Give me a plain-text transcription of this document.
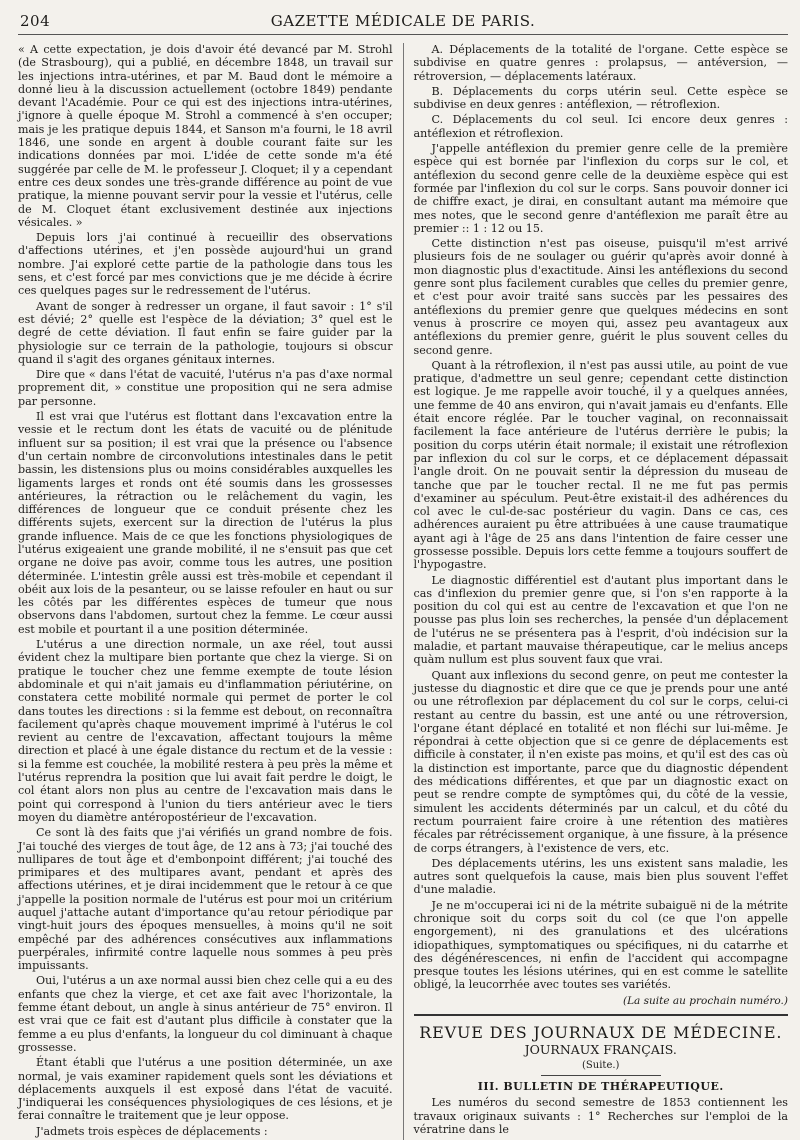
204	GAZETTE MÉDICALE DE PARIS.

« A cette expectation, je dois d'avoir été devancé par M. Strohl (de Strasbourg), qui a publié, en décembre 1848, un travail sur les injections intra-utérines, et par M. Baud dont le mémoire a donné lieu à la discussion actuellement (octobre 1849) pendante devant l'Académie. Pour ce qui est des injections intra-utérines, j'ignore à quelle époque M. Strohl a commencé à s'en occuper; mais je les pratique depuis 1844, et Sanson m'a fourni, le 18 avril 1846, une sonde en argent à double courant faite sur les indications données par moi. L'idée de cette sonde m'a été suggérée par celle de M. le professeur J. Cloquet; il y a cependant entre ces deux sondes une très-grande différence au point de vue pratique, la mienne pouvant servir pour la vessie et l'utérus, celle de M. Cloquet étant exclusivement destinée aux injections vésicales. »

Depuis lors j'ai continué à recueillir des observations d'affections utérines, et j'en possède aujourd'hui un grand nombre. J'ai exploré cette partie de la pathologie dans tous les sens, et c'est forcé par mes convictions que je me décide à écrire ces quelques pages sur le redressement de l'utérus.

Avant de songer à redresser un organe, il faut savoir : 1° s'il est dévié; 2° quelle est l'espèce de la déviation; 3° quel est le degré de cette déviation. Il faut enfin se faire guider par la physiologie sur ce terrain de la pathologie, toujours si obscur quand il s'agit des organes génitaux internes.

Dire que « dans l'état de vacuité, l'utérus n'a pas d'axe normal proprement dit, » constitue une proposition qui ne sera admise par personne.

Il est vrai que l'utérus est flottant dans l'excavation entre la vessie et le rectum dont les états de vacuité ou de plénitude influent sur sa position; il est vrai que la présence ou l'absence d'un certain nombre de circonvolutions intestinales dans le petit bassin, les distensions plus ou moins considérables auxquelles les ligaments larges et ronds ont été soumis dans les grossesses antérieures, la rétraction ou le relâchement du vagin, les différences de longueur que ce conduit présente chez les différents sujets, exercent sur la direction de l'utérus la plus grande influence. Mais de ce que les fonctions physiologiques de l'utérus exigeaient une grande mobilité, il ne s'ensuit pas que cet organe ne doive pas avoir, comme tous les autres, une position déterminée. L'intestin grêle aussi est très-mobile et cependant il obéit aux lois de la pesanteur, ou se laisse refouler en haut ou sur les côtés par les différentes espèces de tumeur que nous observons dans l'abdomen, surtout chez la femme. Le cœur aussi est mobile et pourtant il a une position déterminée.

L'utérus a une direction normale, un axe réel, tout aussi évident chez la multipare bien portante que chez la vierge. Si on pratique le toucher chez une femme exempte de toute lésion abdominale et qui n'ait jamais eu d'inflammation périutérine, on constatera cette mobilité normale qui permet de porter le col dans toutes les directions : si la femme est debout, on reconnaîtra facilement qu'après chaque mouvement imprimé à l'utérus le col revient au centre de l'excavation, affectant toujours la même direction et placé à une égale distance du rectum et de la vessie : si la femme est couchée, la mobilité restera à peu près la même et l'utérus reprendra la position que lui avait fait perdre le doigt, le col étant alors non plus au centre de l'excavation mais dans le point qui correspond à l'union du tiers antérieur avec le tiers moyen du diamètre antéropostérieur de l'excavation.

Ce sont là des faits que j'ai vérifiés un grand nombre de fois. J'ai touché des vierges de tout âge, de 12 ans à 73; j'ai touché des nullipares de tout âge et d'embonpoint différent; j'ai touché des primipares et des multipares avant, pendant et après des affections utérines, et je dirai incidemment que le retour à ce que j'appelle la position normale de l'utérus est pour moi un critérium auquel j'attache autant d'importance qu'au retour périodique par vingt-huit jours des époques mensuelles, à moins qu'il ne soit empêché par des adhérences consécutives aux inflammations puerpérales, infirmité contre laquelle nous sommes à peu près impuissants.

Oui, l'utérus a un axe normal aussi bien chez celle qui a eu des enfants que chez la vierge, et cet axe fait avec l'horizontale, la femme étant debout, un angle à sinus antérieur de 75° environ. Il est vrai que ce fait est d'autant plus difficile à constater que la femme a eu plus d'enfants, la longueur du col diminuant à chaque grossesse.

Étant établi que l'utérus a une position déterminée, un axe normal, je vais examiner rapidement quels sont les déviations et déplacements auxquels il est exposé dans l'état de vacuité. J'indiquerai les conséquences physiologiques de ces lésions, et je ferai connaître le traitement que je leur oppose.

J'admets trois espèces de déplacements :

A. Déplacements de la totalité de l'organe. Cette espèce se subdivise en quatre genres : prolapsus, — antéversion, — rétroversion, — déplacements latéraux.

B. Déplacements du corps utérin seul. Cette espèce se subdivise en deux genres : antéflexion, — rétroflexion.

C. Déplacements du col seul. Ici encore deux genres : antéflexion et rétroflexion.

J'appelle antéflexion du premier genre celle de la première espèce qui est bornée par l'inflexion du corps sur le col, et antéflexion du second genre celle de la deuxième espèce qui est formée par l'inflexion du col sur le corps. Sans pouvoir donner ici de chiffre exact, je dirai, en consultant autant ma mémoire que mes notes, que le second genre d'antéflexion me paraît être au premier :: 1 : 12 ou 15.

Cette distinction n'est pas oiseuse, puisqu'il m'est arrivé plusieurs fois de ne soulager ou guérir qu'après avoir donné à mon diagnostic plus d'exactitude. Ainsi les antéflexions du second genre sont plus facilement curables que celles du premier genre, et c'est pour avoir traité sans succès par les pessaires des antéflexions du premier genre que quelques médecins en sont venus à proscrire ce moyen qui, assez peu avantageux aux antéflexions du premier genre, guérit le plus souvent celles du second genre.

Quant à la rétroflexion, il n'est pas aussi utile, au point de vue pratique, d'admettre un seul genre; cependant cette distinction est logique. Je me rappelle avoir touché, il y a quelques années, une femme de 40 ans environ, qui n'avait jamais eu d'enfants. Elle était encore réglée. Par le toucher vaginal, on reconnaissait facilement la face antérieure de l'utérus derrière le pubis; la position du corps utérin était normale; il existait une rétroflexion par inflexion du col sur le corps, et ce déplacement dépassait l'angle droit. On ne pouvait sentir la dépression du museau de tanche que par le toucher rectal. Il ne me fut pas permis d'examiner au spéculum. Peut-être existait-il des adhérences du col avec le cul-de-sac postérieur du vagin. Dans ce cas, ces adhérences auraient pu être attribuées à une cause traumatique ayant agi à l'âge de 25 ans dans l'intention de faire cesser une grossesse possible. Depuis lors cette femme a toujours souffert de l'hypogastre.

Le diagnostic différentiel est d'autant plus important dans le cas d'inflexion du premier genre que, si l'on s'en rapporte à la position du col qui est au centre de l'excavation et que l'on ne pousse pas plus loin ses recherches, la pensée d'un déplacement de l'utérus ne se présentera pas à l'esprit, d'où indécision sur la maladie, et partant mauvaise thérapeutique, car le melius anceps quàm nullum est plus souvent faux que vrai.

Quant aux inflexions du second genre, on peut me contester la justesse du diagnostic et dire que ce que je prends pour une anté ou une rétroflexion par déplacement du col sur le corps, celui-ci restant au centre du bassin, est une anté ou une rétroversion, l'organe étant déplacé en totalité et non fléchi sur lui-même. Je répondrai à cette objection que si ce genre de déplacements est difficile à constater, il n'en existe pas moins, et qu'il est des cas où la distinction est importante, parce que du diagnostic dépendent des médications différentes, et que par un diagnostic exact on peut se rendre compte de symptômes qui, du côté de la vessie, simulent les accidents déterminés par un calcul, et du côté du rectum pourraient faire croire à une rétention des matières fécales par rétrécissement organique, à une fissure, à la présence de corps étrangers, à l'existence de vers, etc.

Des déplacements utérins, les uns existent sans maladie, les autres sont quelquefois la cause, mais bien plus souvent l'effet d'une maladie.

Je ne m'occuperai ici ni de la métrite subaiguë ni de la métrite chronique soit du corps soit du col (ce que l'on appelle engorgement), ni des granulations et des ulcérations idiopathiques, symptomatiques ou spécifiques, ni du catarrhe et des dégénérescences, ni enfin de l'accident qui accompagne presque toutes les lésions utérines, qui en est comme le satellite obligé, la leucorrhée avec toutes ses variétés.

(La suite au prochain numéro.)
REVUE DES JOURNAUX DE MÉDECINE.
JOURNAUX FRANÇAIS.
(Suite.)
III. BULLETIN DE THÉRAPEUTIQUE.

Les numéros du second semestre de 1853 contiennent les travaux originaux suivants : 1° Recherches sur l'emploi de la vératrine dans le
